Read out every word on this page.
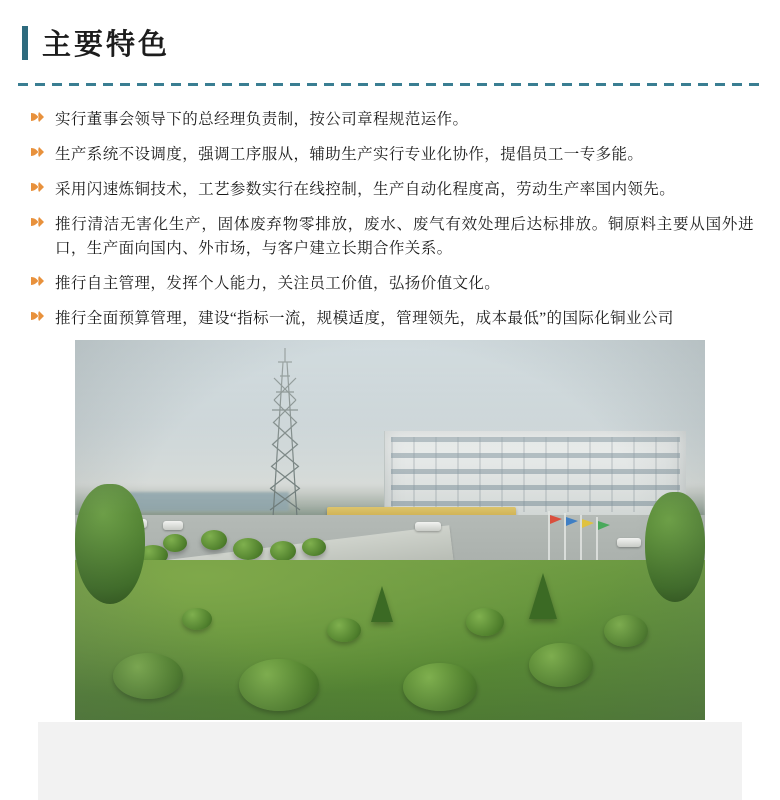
主要特色
实行董事会领导下的总经理负责制，按公司章程规范运作。
生产系统不设调度，强调工序服从，辅助生产实行专业化协作，提倡员工一专多能。
采用闪速炼铜技术，工艺参数实行在线控制，生产自动化程度高，劳动生产率国内领先。
推行清洁无害化生产，固体废弃物零排放，废水、废气有效处理后达标排放。铜原料主要从国外进口，生产面向国内、外市场，与客户建立长期合作关系。
推行自主管理，发挥个人能力，关注员工价值，弘扬价值文化。
推行全面预算管理，建设“指标一流，规模适度，管理领先，成本最低”的国际化铜业公司
